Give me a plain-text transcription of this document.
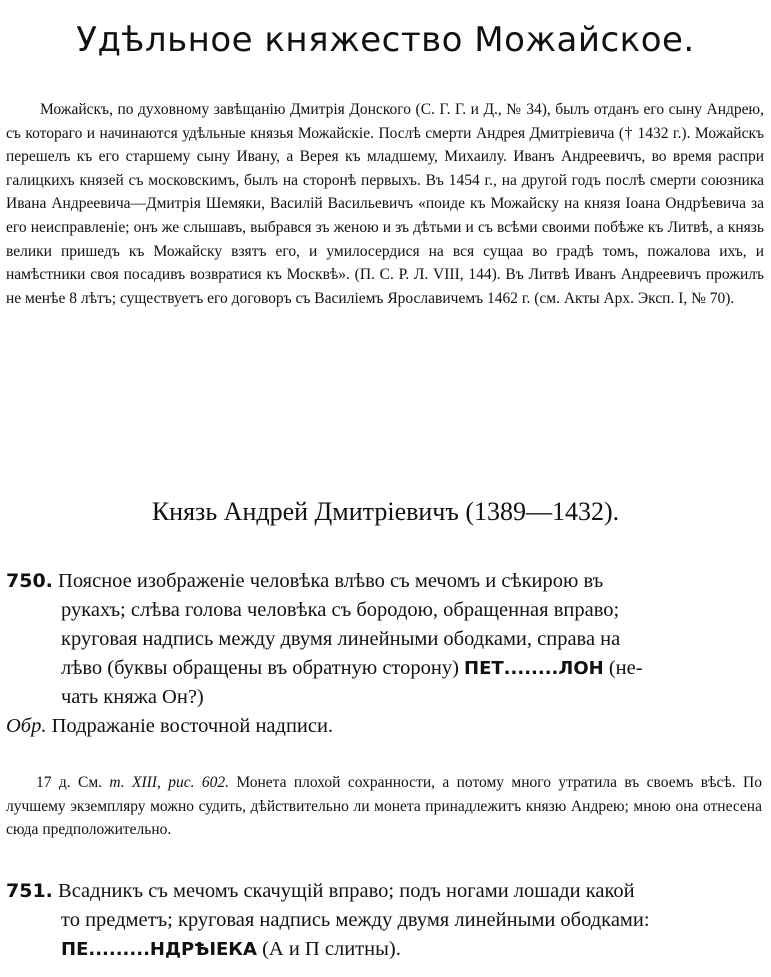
Удѣльное княжество Можайское.
Можайскъ, по духовному завѣщанію Дмитрія Донского (С. Г. Г. и Д., № 34), былъ отданъ его сыну Андрею, съ котораго и начинаются удѣльные князья Можайскіе. Послѣ смерти Андрея Дмитріевича († 1432 г.). Можайскъ перешелъ къ его старшему сыну Ивану, а Верея къ младшему, Михаилу. Иванъ Андреевичъ, во время распри галицкихъ князей съ московскимъ, былъ на сторонѣ первыхъ. Въ 1454 г., на другой годъ послѣ смерти союзника Ивана Андреевича—Дмитрія Шемяки, Василій Васильевичъ «поиде къ Можайску на князя Іоана Ондрѣевича за его неисправленіе; онъ же слышавъ, выбрався зъ женою и зъ дѣтьми и съ всѣми своими побѣже къ Литвѣ, а князь велики пришедъ къ Можайску взятъ его, и умилосердися на вся сущаа во градѣ томъ, пожалова ихъ, и намѣстники своя посадивъ возвратися къ Москвѣ». (П. С. Р. Л. VIII, 144). Въ Литвѣ Иванъ Андреевичъ прожилъ не менѣе 8 лѣтъ; существуетъ его договоръ съ Василіемъ Ярославичемъ 1462 г. (см. Акты Арх. Эксп. I, № 70).
Князь Андрей Дмитріевичъ (1389—1432).
750. Поясное изображеніе человѣка влѣво съ мечомъ и сѣкирою въ
рукахъ; слѣва голова человѣка съ бородою, обращенная вправо;
круговая надпись между двумя линейными ободками, справа на
лѣво (буквы обращены въ обратную сторону) ПЕТ........ЛОН (не-
чать княжа Он?)
Обр. Подражаніе восточной надписи.
17 д. См. т. XIII, рис. 602. Монета плохой сохранности, а потому много утратила въ своемъ вѣсѣ. По лучшему экземпляру можно судить, дѣйствительно ли монета принадлежитъ князю Андрею; мною она отнесена сюда предположительно.
751. Всадникъ съ мечомъ скачущій вправо; подъ ногами лошади какой
то предметъ; круговая надпись между двумя линейными ободками:
ПЕ.........НДРѢІЕКА (А и П слитны).
